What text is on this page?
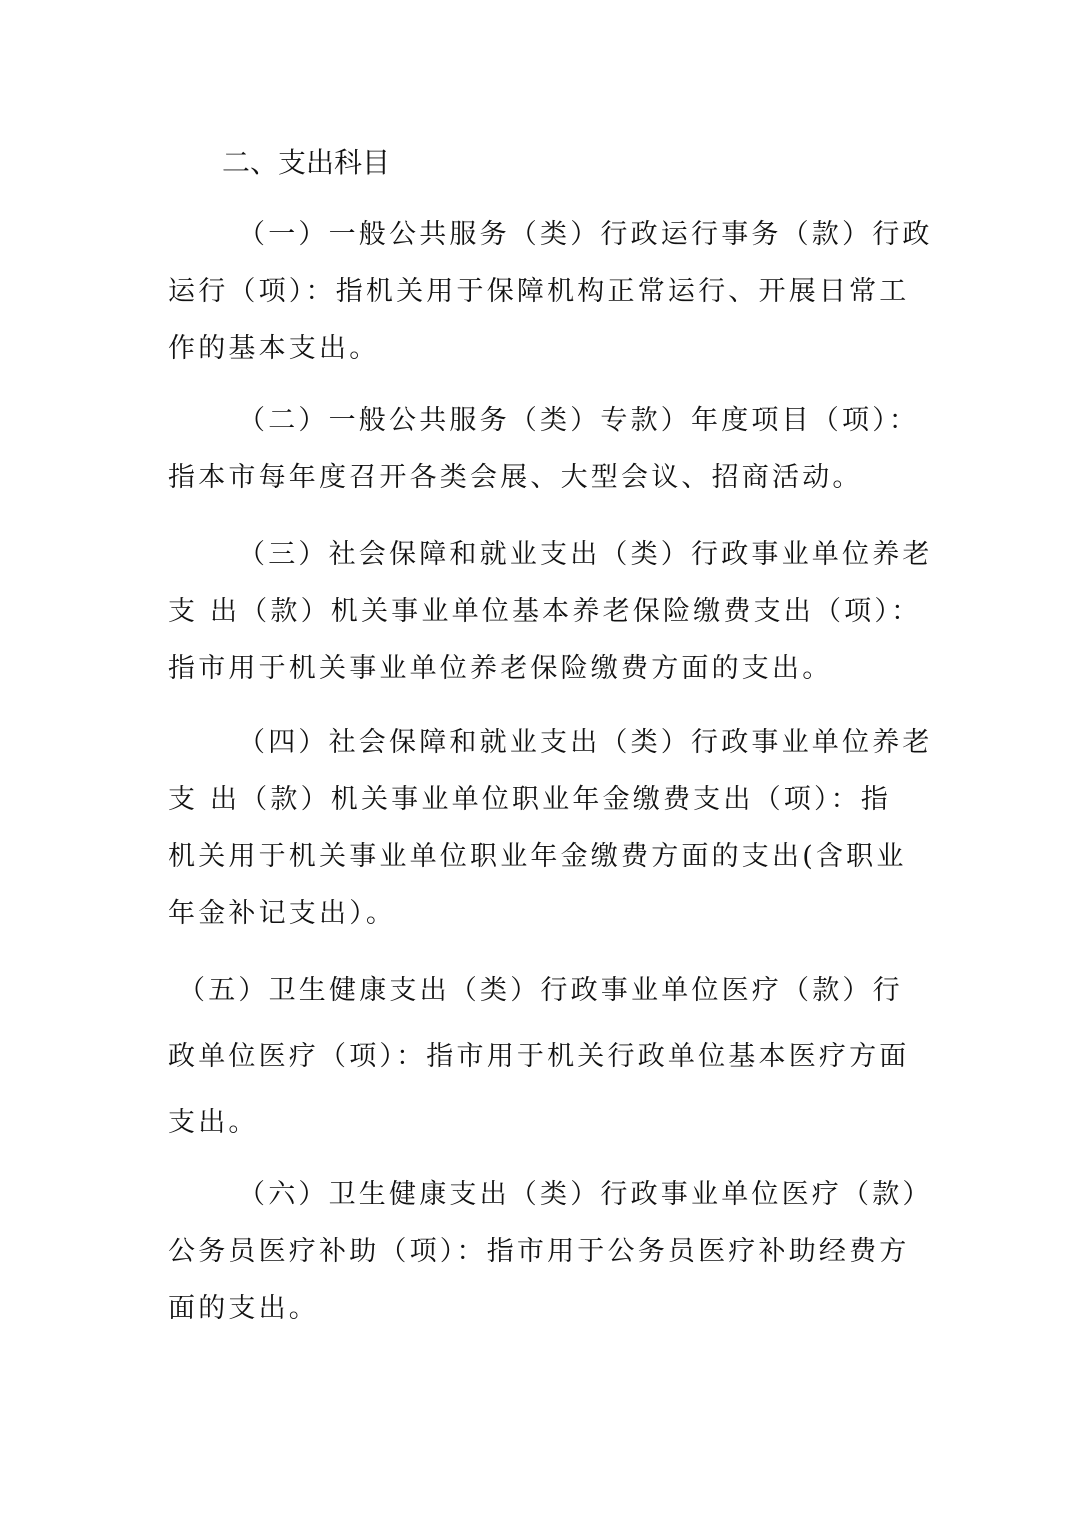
二、支出科目
（一）一般公共服务（类）行政运行事务（款）行政
运行（项）：指机关用于保障机构正常运行、开展日常工
作的基本支出。
（二）一般公共服务（类）专款）年度项目（项）：
指本市每年度召开各类会展、大型会议、招商活动。
（三）社会保障和就业支出（类）行政事业单位养老
支 出（款）机关事业单位基本养老保险缴费支出（项）：
指市用于机关事业单位养老保险缴费方面的支出。
（四）社会保障和就业支出（类）行政事业单位养老
支 出（款）机关事业单位职业年金缴费支出（项）：指
机关用于机关事业单位职业年金缴费方面的支出(含职业
年金补记支出）。
（五）卫生健康支出（类）行政事业单位医疗（款）行
政单位医疗（项）：指市用于机关行政单位基本医疗方面
支出。
（六）卫生健康支出（类）行政事业单位医疗（款）
公务员医疗补助（项）：指市用于公务员医疗补助经费方
面的支出。
